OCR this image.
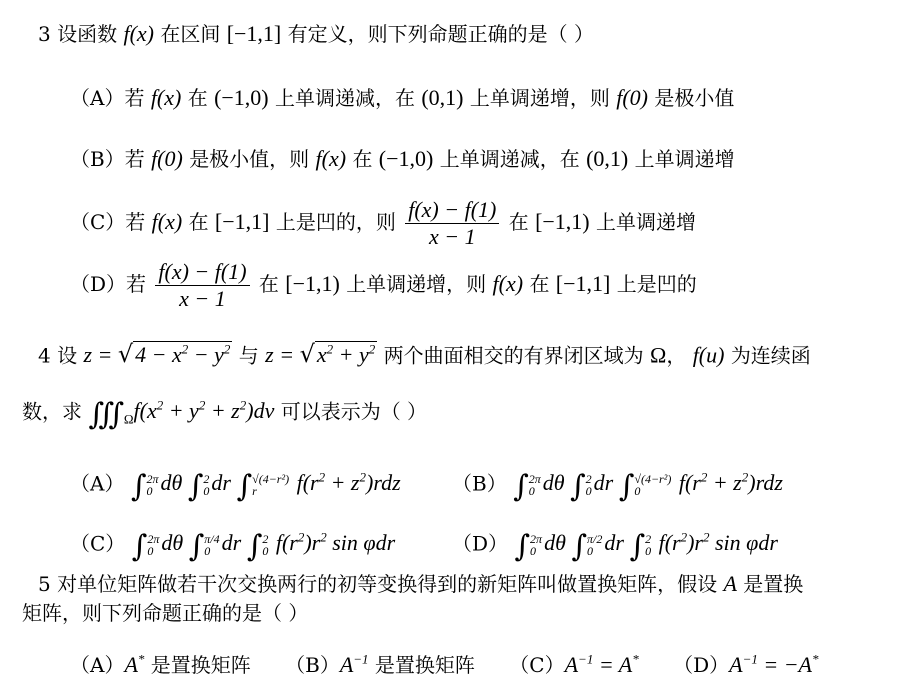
3 设函数 f(x) 在区间 [−1,1] 有定义，则下列命题正确的是（ ）
（A）若 f(x) 在 (−1,0) 上单调递减，在 (0,1) 上单调递增，则 f(0) 是极小值
（B）若 f(0) 是极小值，则 f(x) 在 (−1,0) 上单调递减，在 (0,1) 上单调递增
（C）若 f(x) 在 [−1,1] 上是凹的，则 $\frac{f(x) - f(1)}{x - 1}$ 在 [−1,1) 上单调递增
（D）若 $\frac{f(x) - f(1)}{x - 1}$ 在 [−1,1) 上单调递增，则 f(x) 在 [−1,1] 上是凹的
4 设 $z = √4 - x^2 - y^2$ 与 $z = √x^2 + y^2$ 两个曲面相交的有界闭区域为 Ω， f(u) 为连续函
数，求 $∭_\Omega f(x^2 + y^2 + z^2)dv$ 可以表示为（ ）
（A） ∫ 2π
0 dθ ∫ 2
0 dr ∫ √(4−r²)
r	$f(r^2 + z^2)rdz$	（B） ∫ 2π
0 dθ ∫ 2
0 dr ∫ √(4−r²)
0	$f(r^2 + z^2)rdz$
（C） ∫ 2π
0 dθ ∫ π/4
0 dr ∫ 2
0 $f(r^2)r^2$ sin φdr	（D） ∫ 2π
0 dθ ∫ π/2
0 dr ∫ 2
0 $f(r^2)r^2$ sin φdr
5 对单位矩阵做若干次交换两行的初等变换得到的新矩阵叫做置换矩阵，假设 A 是置换
矩阵，则下列命题正确的是（ ）
（A）A* 是置换矩阵 $(B)A^{-1}$ 是置换矩阵 $(C)A^{-1} = A^*$ $(D)A^{-1} = -A^*$
